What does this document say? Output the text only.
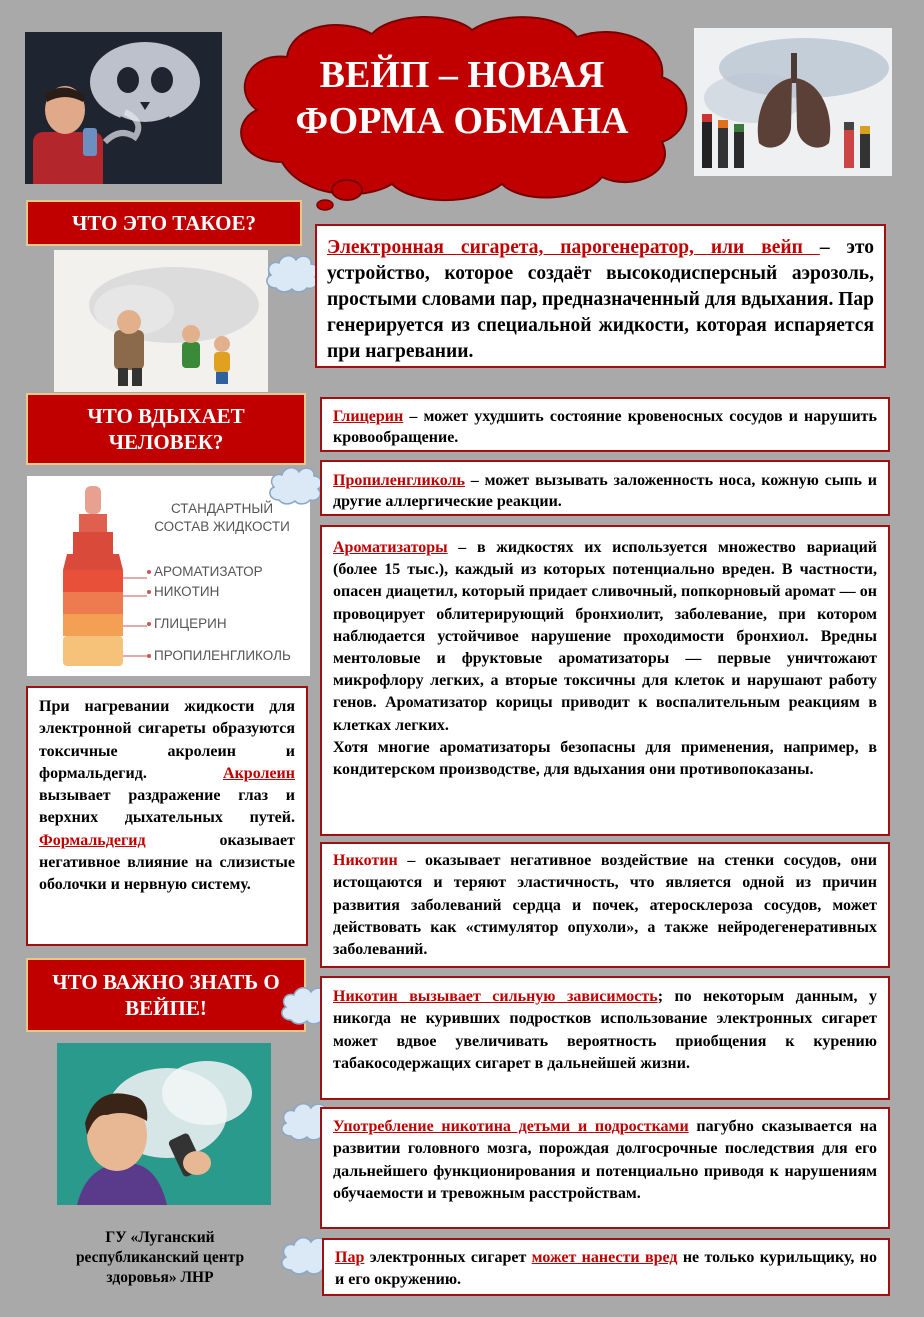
ВЕЙП – НОВАЯ
ФОРМА ОБМАНА
ЧТО ЭТО ТАКОЕ?
Электронная сигарета, парогенератор, или вейп – это устройство, которое создаёт высокодисперсный аэрозоль, простыми словами пар, предназначенный для вдыхания. Пар генерируется из специальной жидкости, которая испаряется при нагревании.
ЧТО ВДЫХАЕТ ЧЕЛОВЕК?
СТАНДАРТНЫЙ СОСТАВ ЖИДКОСТИ
АРОМАТИЗАТОР
НИКОТИН
ГЛИЦЕРИН
ПРОПИЛЕНГЛИКОЛЬ
Глицерин – может ухудшить состояние кровеносных сосудов и нарушить кровообращение.
Пропиленгликоль – может вызывать заложенность носа, кожную сыпь и другие аллергические реакции.
Ароматизаторы – в жидкостях их используется множество вариаций (более 15 тыс.), каждый из которых потенциально вреден. В частности, опасен диацетил, который придает сливочный, попкорновый аромат — он провоцирует облитерирующий бронхиолит, заболевание, при котором наблюдается устойчивое нарушение проходимости бронхиол. Вредны ментоловые и фруктовые ароматизаторы — первые уничтожают микрофлору легких, а вторые токсичны для клеток и нарушают работу генов. Ароматизатор корицы приводит к воспалительным реакциям в клетках легких.
Хотя многие ароматизаторы безопасны для применения, например, в кондитерском производстве, для вдыхания они противопоказаны.
При нагревании жидкости для электронной сигареты образуются токсичные акролеин и формальдегид.	Акролеин вызывает раздражение глаз и верхних дыхательных путей. Формальдегид оказывает негативное влияние на слизистые оболочки и нервную систему.
Никотин – оказывает негативное воздействие на стенки сосудов, они истощаются и теряют эластичность, что является одной из причин развития заболеваний сердца и почек, атеросклероза сосудов, может действовать как «стимулятор опухоли», а также нейродегенеративных заболеваний.
ЧТО ВАЖНО ЗНАТЬ О ВЕЙПЕ!	Никотин вызывает сильную зависимость; по некоторым данным, у никогда не куривших подростков использование электронных сигарет может вдвое увеличивать вероятность приобщения к курению табакосодержащих сигарет в дальнейшей жизни.
Употребление никотина детьми и подростками пагубно сказывается на развитии головного мозга, порождая долгосрочные последствия для его дальнейшего функционирования и потенциально приводя к нарушениям обучаемости и тревожным расстройствам.
Пар электронных сигарет может нанести вред не только курильщику, но и его окружению.
ГУ «Луганский
республиканский центр
здоровья» ЛНР
